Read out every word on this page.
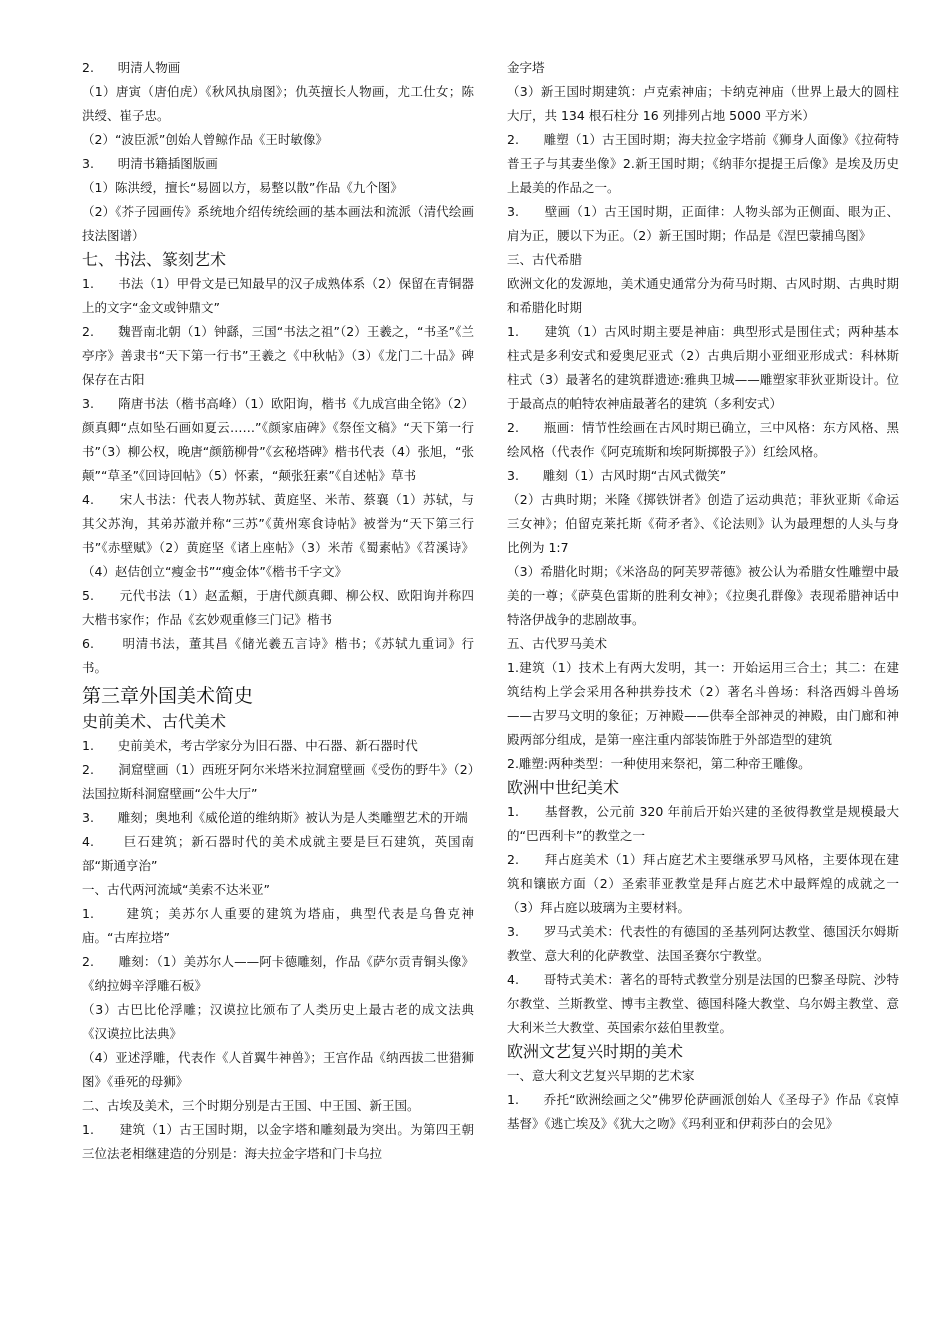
2.      明清人物画
（1）唐寅（唐伯虎）《秋风执扇图》；仇英擅长人物画，尤工仕女；陈洪绶、崔子忠。
（2）“波臣派”创始人曾鲸作品《王时敏像》
3.      明清书籍插图版画
（1）陈洪绶，擅长“易圆以方，易整以散”作品《九个图》
（2）《芥子园画传》系统地介绍传统绘画的基本画法和流派（清代绘画技法图谱）
七、书法、篆刻艺术
1.      书法（1）甲骨文是已知最早的汉子成熟体系（2）保留在青铜器上的文字“金文或钟鼎文”
2.      魏晋南北朝（1）钟繇，三国“书法之祖”（2）王羲之，“书圣”《兰亭序》善隶书“天下第一行书”王羲之《中秋帖》（3）《龙门二十品》碑保存在古阳
3.      隋唐书法（楷书高峰）（1）欧阳询，楷书《九成宫曲全铭》（2）颜真卿“点如坠石画如夏云……”《颜家庙碑》《祭侄文稿》“天下第一行书”（3）柳公权，晚唐“颜筋柳骨”《玄秘塔碑》楷书代表（4）张旭，“张颠”“草圣”《回诗回帖》（5）怀素，“颠张狂素”《自述帖》草书
4.      宋人书法：代表人物苏轼、黄庭坚、米芾、蔡襄（1）苏轼，与其父苏洵，其弟苏澈并称“三苏”《黄州寒食诗帖》被誉为“天下第三行书”《赤壁赋》（2）黄庭坚《诸上座帖》（3）米芾《蜀素帖》《苕溪诗》（4）赵佶创立“瘦金书”“瘦金体”《楷书千字文》
5.      元代书法（1）赵孟頫，于唐代颜真卿、柳公权、欧阳询并称四大楷书家作；作品《玄妙观重修三门记》楷书
6.      明清书法，董其昌《储光羲五言诗》楷书；《苏轼九重词》行书。
第三章外国美术简史
史前美术、古代美术
1.      史前美术，考古学家分为旧石器、中石器、新石器时代
2.      洞窟壁画（1）西班牙阿尔米塔米拉洞窟壁画《受伤的野牛》（2）法国拉斯科洞窟壁画“公牛大厅”
3.      雕刻；奥地利《威伦道的维纳斯》被认为是人类雕塑艺术的开端
4.      巨石建筑；新石器时代的美术成就主要是巨石建筑，英国南部“斯通亨治”
一、古代两河流域“美索不达米亚”
1.      建筑；美苏尔人重要的建筑为塔庙，典型代表是乌鲁克神庙。“古库拉塔”
2.      雕刻：（1）美苏尔人——阿卡德雕刻，作品《萨尔贡青铜头像》《纳拉姆辛浮雕石板》
（3）古巴比伦浮雕；汉谟拉比颁布了人类历史上最古老的成文法典《汉谟拉比法典》
（4）亚述浮雕，代表作《人首翼牛神兽》；王宫作品《纳西拔二世猎狮图》《垂死的母狮》
二、古埃及美术，三个时期分别是古王国、中王国、新王国。
1.      建筑（1）古王国时期，以金字塔和雕刻最为突出。为第四王朝三位法老相继建造的分别是：海夫拉金字塔和门卡乌拉
金字塔
（3）新王国时期建筑：卢克索神庙；卡纳克神庙（世界上最大的圆柱大厅，共 134 根石柱分 16 列排列占地 5000 平方米）
2.      雕塑（1）古王国时期；海夫拉金字塔前《狮身人面像》《拉荷特普王子与其妻坐像》2.新王国时期；《纳菲尔提提王后像》是埃及历史上最美的作品之一。
3.      壁画（1）古王国时期，正面律：人物头部为正侧面、眼为正、肩为正，腰以下为正。（2）新王国时期；作品是《涅巴蒙捕鸟图》
三、古代希腊
欧洲文化的发源地，美术通史通常分为荷马时期、古风时期、古典时期和希腊化时期
1.      建筑（1）古风时期主要是神庙：典型形式是围住式；两种基本柱式是多利安式和爱奥尼亚式（2）古典后期小亚细亚形成式：科林斯柱式（3）最著名的建筑群遗迹:雅典卫城——雕塑家菲狄亚斯设计。位于最高点的帕特农神庙最著名的建筑（多利安式）
2.      瓶画：情节性绘画在古风时期已确立，三中风格：东方风格、黑绘风格（代表作《阿克琉斯和埃阿斯掷骰子》）红绘风格。
3.      雕刻（1）古风时期“古风式微笑”
（2）古典时期；米隆《掷铁饼者》创造了运动典范；菲狄亚斯《命运三女神》；伯留克莱托斯《荷矛者》、《论法则》认为最理想的人头与身比例为 1:7
（3）希腊化时期；《米洛岛的阿芙罗蒂德》被公认为希腊女性雕塑中最美的一尊；《萨莫色雷斯的胜利女神》；《拉奥孔群像》表现希腊神话中特洛伊战争的悲剧故事。
五、古代罗马美术
1.建筑（1）技术上有两大发明，其一：开始运用三合土；其二：在建筑结构上学会采用各种拱券技术（2）著名斗兽场：科洛西姆斗兽场——古罗马文明的象征；万神殿——供奉全部神灵的神殿，由门廊和神殿两部分组成，是第一座注重内部装饰胜于外部造型的建筑
2.雕塑:两种类型：一种使用来祭祀，第二种帝王雕像。
欧洲中世纪美术
1.      基督教，公元前 320 年前后开始兴建的圣彼得教堂是规模最大的“巴西利卡”的教堂之一
2.      拜占庭美术（1）拜占庭艺术主要继承罗马风格，主要体现在建筑和镶嵌方面（2）圣索菲亚教堂是拜占庭艺术中最辉煌的成就之一（3）拜占庭以玻璃为主要材料。
3.      罗马式美术：代表性的有德国的圣基列阿达教堂、德国沃尔姆斯教堂、意大利的化萨教堂、法国圣赛尔宁教堂。
4.      哥特式美术：著名的哥特式教堂分别是法国的巴黎圣母院、沙特尔教堂、兰斯教堂、博韦主教堂、德国科隆大教堂、乌尔姆主教堂、意大利米兰大教堂、英国索尔兹伯里教堂。
欧洲文艺复兴时期的美术
一、意大利文艺复兴早期的艺术家
1.      乔托“欧洲绘画之父”佛罗伦萨画派创始人《圣母子》作品《哀悼基督》《逃亡埃及》《犹大之吻》《玛利亚和伊莉莎白的会见》
